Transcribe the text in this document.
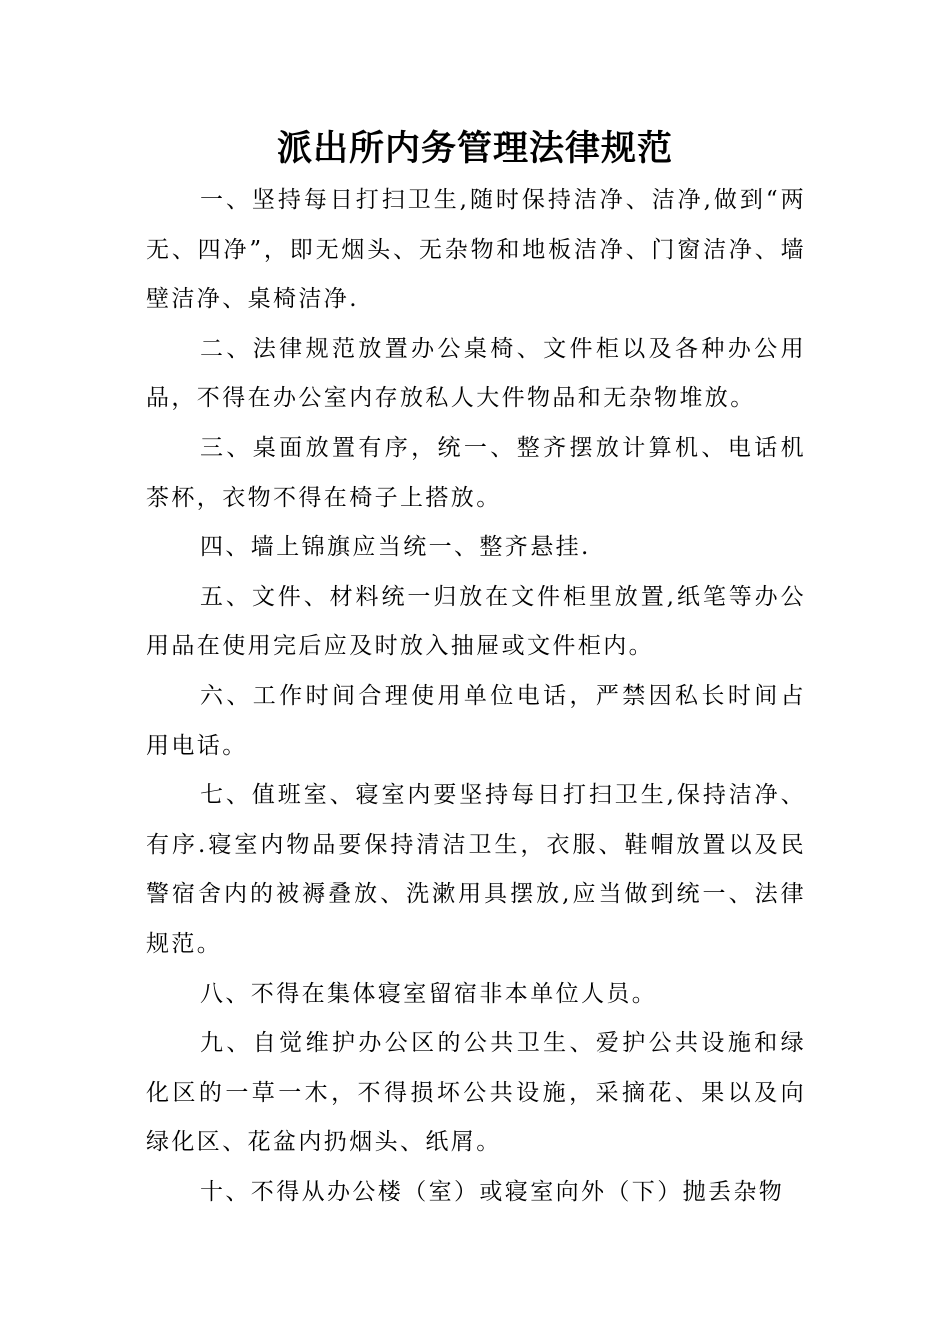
派出所内务管理法律规范

一、坚持每日打扫卫生,随时保持洁净、洁净,做到“两无、四净”，即无烟头、无杂物和地板洁净、门窗洁净、墙壁洁净、桌椅洁净.

二、法律规范放置办公桌椅、文件柜以及各种办公用品，不得在办公室内存放私人大件物品和无杂物堆放。

三、桌面放置有序，统一、整齐摆放计算机、电话机茶杯，衣物不得在椅子上搭放。

四、墙上锦旗应当统一、整齐悬挂.

五、文件、材料统一归放在文件柜里放置,纸笔等办公用品在使用完后应及时放入抽屉或文件柜内。

六、工作时间合理使用单位电话，严禁因私长时间占用电话。

七、值班室、寝室内要坚持每日打扫卫生,保持洁净、有序.寝室内物品要保持清洁卫生，衣服、鞋帽放置以及民警宿舍内的被褥叠放、洗漱用具摆放,应当做到统一、法律规范。

八、不得在集体寝室留宿非本单位人员。

九、自觉维护办公区的公共卫生、爱护公共设施和绿化区的一草一木，不得损坏公共设施，采摘花、果以及向绿化区、花盆内扔烟头、纸屑。

十、不得从办公楼（室）或寝室向外（下）抛丢杂物
